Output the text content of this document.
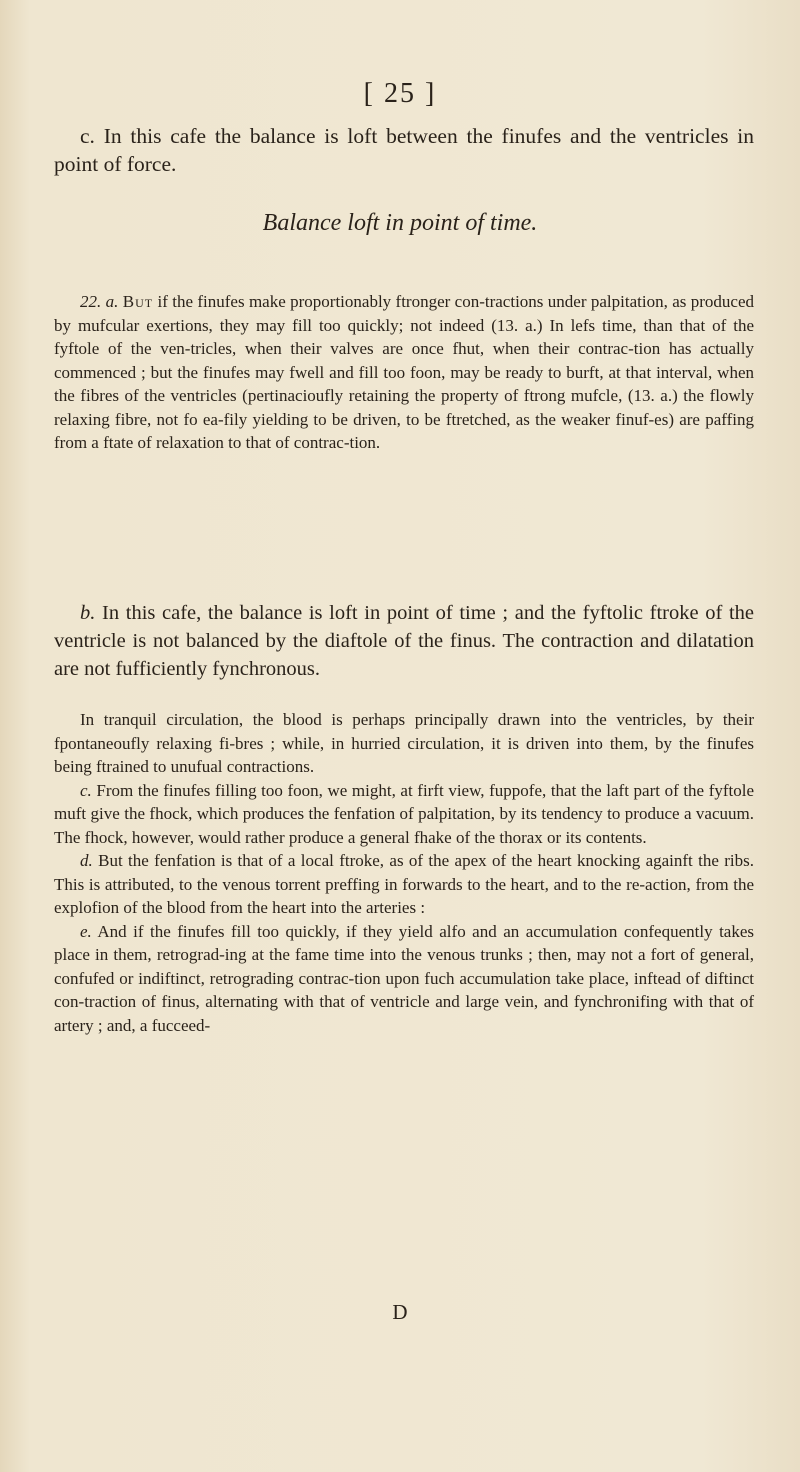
[ 25 ]

c. In this cafe the balance is loft between the finufes and the ventricles in point of force.

Balance loft in point of time.

22. a. But if the finufes make proportionably ftronger con-tractions under palpitation, as produced by mufcular exertions, they may fill too quickly; not indeed (13. a.) In lefs time, than that of the fyftole of the ven-tricles, when their valves are once fhut, when their contrac-tion has actually commenced ; but the finufes may fwell and fill too foon, may be ready to burft, at that interval, when the fibres of the ventricles (pertinacioufly retaining the property of ftrong mufcle, (13. a.) the flowly relaxing fibre, not fo ea-fily yielding to be driven, to be ftretched, as the weaker finuf-es) are paffing from a ftate of relaxation to that of contrac-tion.

b. In this cafe, the balance is loft in point of time ; and the fyftolic ftroke of the ventricle is not balanced by the diaftole of the finus. The contraction and dilatation are not fufficiently fynchronous.

In tranquil circulation, the blood is perhaps principally drawn into the ventricles, by their fpontaneoufly relaxing fi-bres ; while, in hurried circulation, it is driven into them, by the finufes being ftrained to unufual contractions.

c. From the finufes filling too foon, we might, at firft view, fuppofe, that the laft part of the fyftole muft give the fhock, which produces the fenfation of palpitation, by its tendency to produce a vacuum. The fhock, however, would rather produce a general fhake of the thorax or its contents.

d. But the fenfation is that of a local ftroke, as of the apex of the heart knocking againft the ribs. This is attributed, to the venous torrent preffing in forwards to the heart, and to the re-action, from the explofion of the blood from the heart into the arteries :

e. And if the finufes fill too quickly, if they yield alfo and an accumulation confequently takes place in them, retrograd-ing at the fame time into the venous trunks ; then, may not a fort of general, confufed or indiftinct, retrograding contrac-tion upon fuch accumulation take place, inftead of diftinct con-traction of finus, alternating with that of ventricle and large vein, and fynchronifing with that of artery ; and, a fucceed-

D
